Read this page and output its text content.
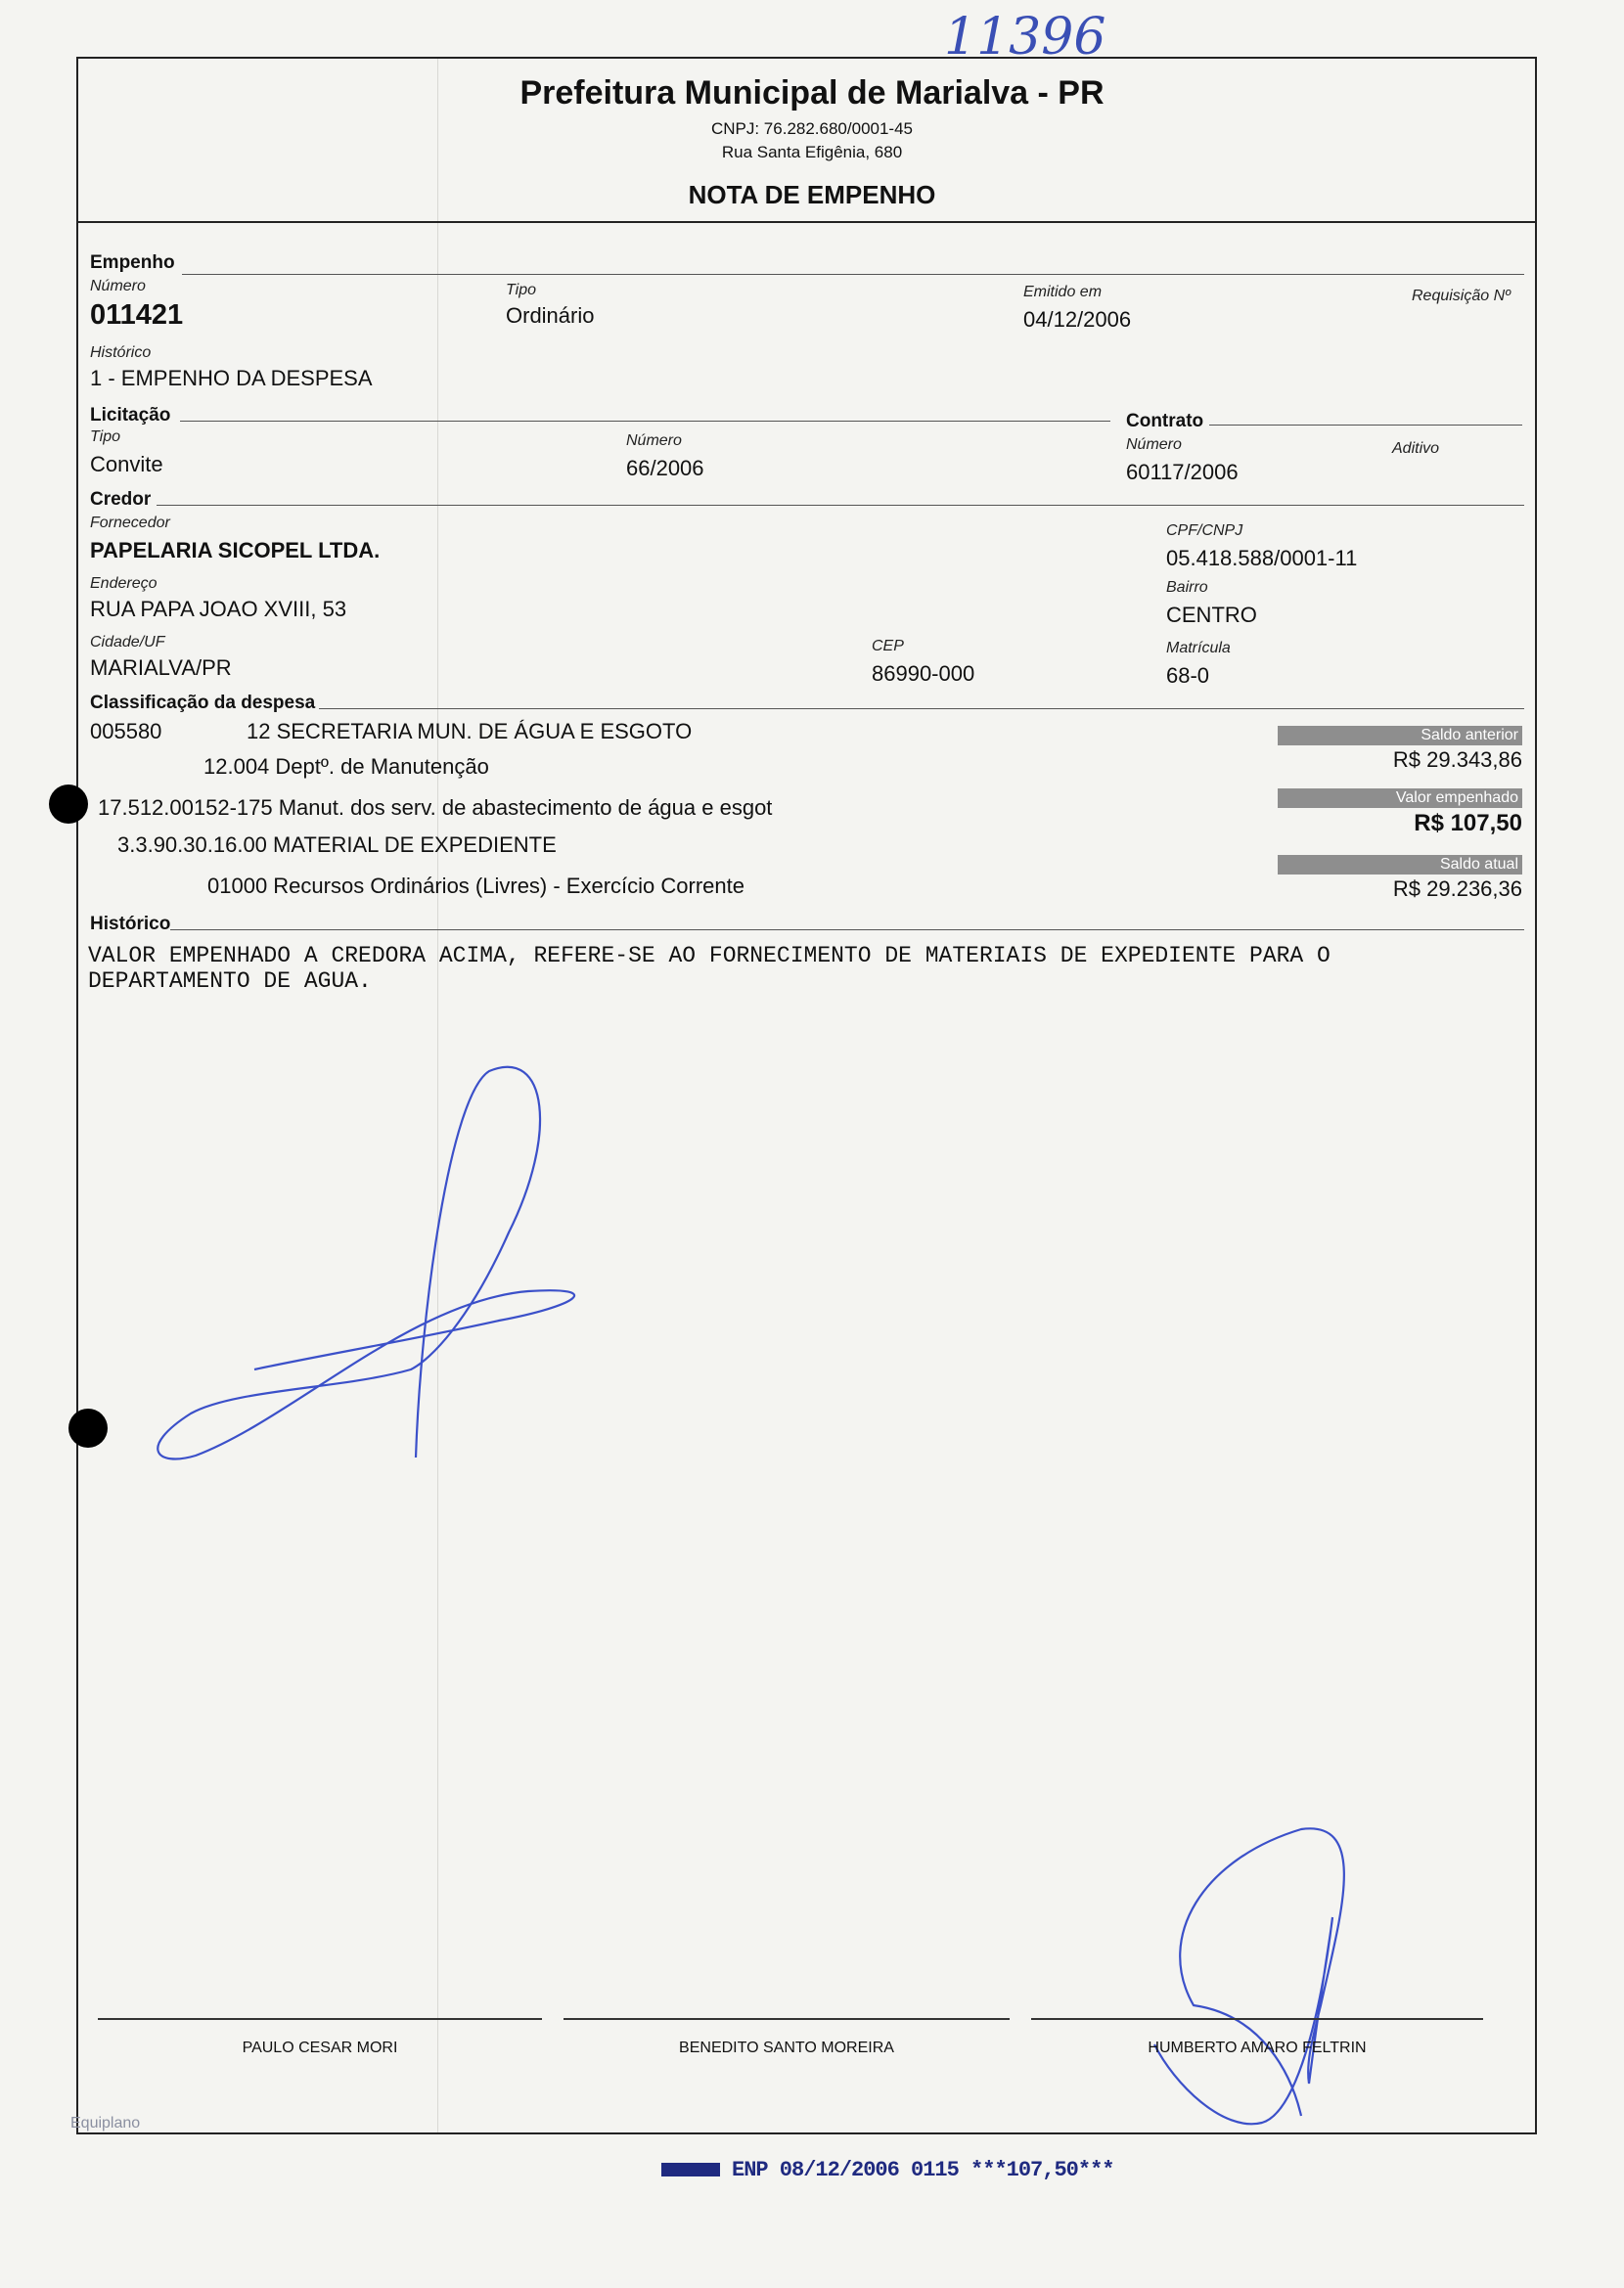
11396
Prefeitura Municipal de Marialva - PR
CNPJ: 76.282.680/0001-45
Rua Santa Efigênia, 680
NOTA DE EMPENHO
Empenho
Número
011421
Tipo
Ordinário
Emitido em
04/12/2006
Requisição Nº
Histórico
1 - EMPENHO DA DESPESA
Licitação
Tipo
Convite
Número
66/2006
Contrato
Número
60117/2006
Aditivo
Credor
Fornecedor
PAPELARIA SICOPEL LTDA.
CPF/CNPJ
05.418.588/0001-11
Endereço
RUA PAPA JOAO XVIII, 53
Bairro
CENTRO
Cidade/UF
MARIALVA/PR
CEP
86990-000
Matrícula
68-0
Classificação da despesa
005580	12 SECRETARIA MUN. DE ÁGUA E ESGOTO
12.004 Deptº. de Manutenção
17.512.00152-175 Manut. dos serv. de abastecimento de água e esgot
3.3.90.30.16.00 MATERIAL DE EXPEDIENTE
01000 Recursos Ordinários (Livres) - Exercício Corrente
Saldo anterior
R$ 29.343,86
Valor empenhado
R$ 107,50
Saldo atual
R$ 29.236,36
Histórico
VALOR EMPENHADO A CREDORA ACIMA, REFERE-SE AO FORNECIMENTO DE MATERIAIS DE EXPEDIENTE PARA O
DEPARTAMENTO DE AGUA.
PAULO CESAR MORI	BENEDITO SANTO MOREIRA	HUMBERTO AMARO FELTRIN
Equiplano
ENP 08/12/2006 0115 ***107,50***
